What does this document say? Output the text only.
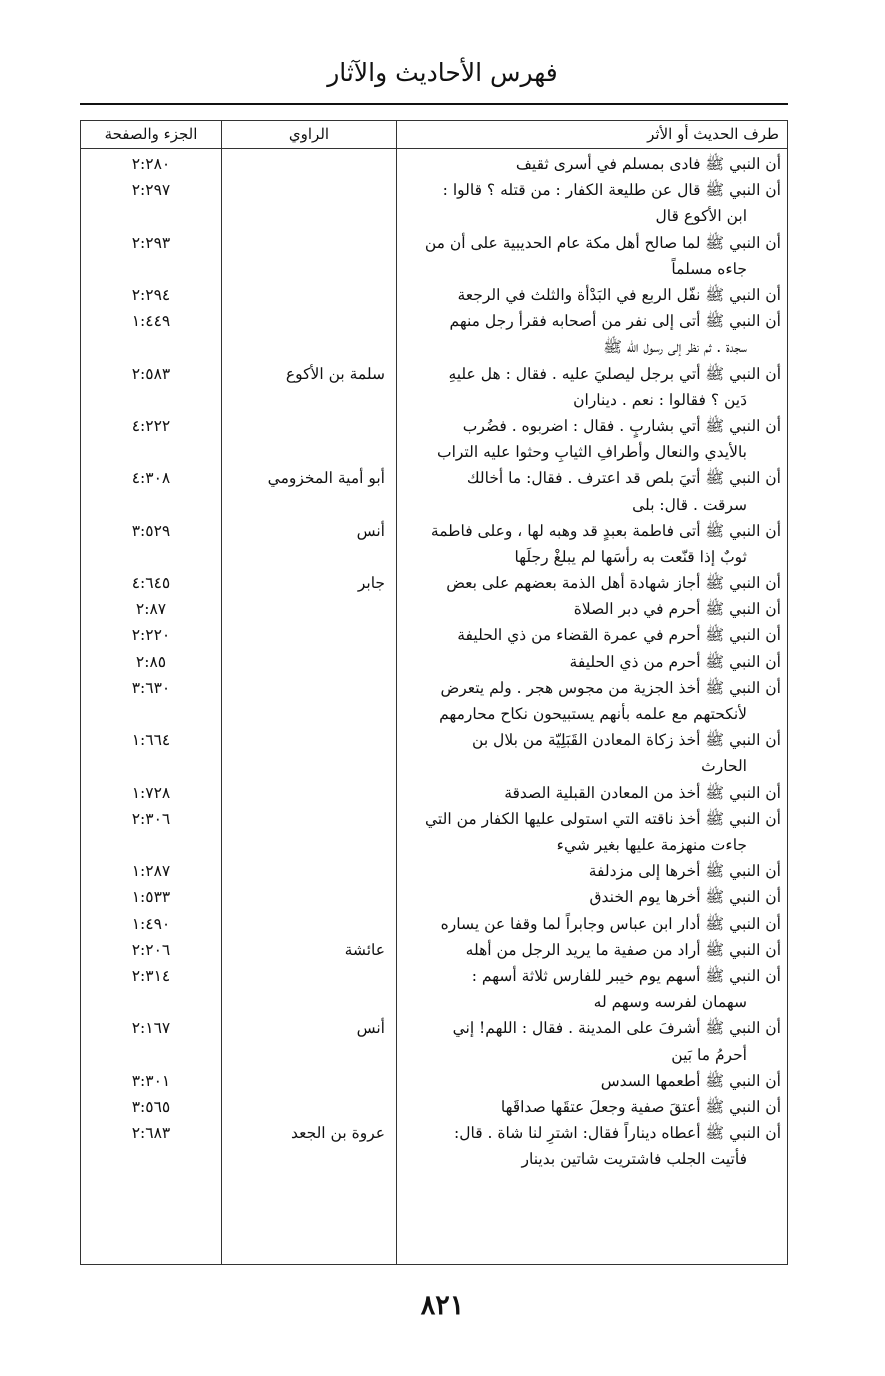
فهرس الأحاديث والآثار
طرف الحديث أو الأثر
الراوي
الجزء والصفحة
أن النبي ﷺ فادى بمسلم في أسرى ثقيف
٢:٢٨٠
أن النبي ﷺ قال عن طليعة الكفار : من قتله ؟ قالوا :
ابن الأكوع قال
٢:٢٩٧
أن النبي ﷺ لما صالح أهل مكة عام الحديبية على أن من
جاءه مسلماً
٢:٢٩٣
أن النبي ﷺ نفّل الربع في البَدْأة والثلث في الرجعة
٢:٢٩٤
أن النبي ﷺ أتى إلى نفر من أصحابه فقرأ رجل منهم
سجدة . ثم نظر إلى رسول الله ﷺ
١:٤٤٩
أن النبي ﷺ أتي برجل ليصليَ عليه . فقال : هل عليهِ
دَين ؟ فقالوا : نعم . ديناران
سلمة بن الأكوع
٢:٥٨٣
أن النبي ﷺ أتي بشاربٍ . فقال : اضربوه . فضُرب
بالأيدي والنعال وأطرافِ الثيابِ وحثوا عليه التراب
٤:٢٢٢
أن النبي ﷺ أتيَ بلص قد اعترف . فقال: ما أخالك
سرقت . قال: بلى
أبو أمية المخزومي
٤:٣٠٨
أن النبي ﷺ أتى فاطمة بعبدٍ قد وهبه لها ، وعلى فاطمة
ثوبٌ إذا قنّعت به رأسَها لم يبلغْ رجلَها
أنس
٣:٥٢٩
أن النبي ﷺ أجاز شهادة أهل الذمة بعضهم على بعض
جابر
٤:٦٤٥
أن النبي ﷺ أحرم في دبر الصلاة
٢:٨٧
أن النبي ﷺ أحرم في عمرة القضاء من ذي الحليفة
٢:٢٢٠
أن النبي ﷺ أحرم من ذي الحليفة
٢:٨٥
أن النبي ﷺ أخذ الجزية من مجوس هجر . ولم يتعرض
لأنكحتهم مع علمه بأنهم يستبيحون نكاح محارمهم
٣:٦٣٠
أن النبي ﷺ أخذ زكاة المعادن القَبَلِيّة من بلال بن
الحارث
١:٦٦٤
أن النبي ﷺ أخذ من المعادن القبلية الصدقة
١:٧٢٨
أن النبي ﷺ أخذ ناقته التي استولى عليها الكفار من التي
جاءت منهزمة عليها بغير شيء
٢:٣٠٦
أن النبي ﷺ أخرها إلى مزدلفة
١:٢٨٧
أن النبي ﷺ أخرها يوم الخندق
١:٥٣٣
أن النبي ﷺ أدار ابن عباس وجابراً لما وقفا عن يساره
١:٤٩٠
أن النبي ﷺ أراد من صفية ما يريد الرجل من أهله
عائشة
٢:٢٠٦
أن النبي ﷺ أسهم يوم خيبر للفارس ثلاثة أسهم :
سهمان لفرسه وسهم له
٢:٣١٤
أن النبي ﷺ أشرفَ على المدينة . فقال : اللهم! إني
أحرمُ ما بَين
أنس
٢:١٦٧
أن النبي ﷺ أطعمها السدس
٣:٣٠١
أن النبي ﷺ أعتقَ صفية وجعلَ عتقَها صداقَها
٣:٥٦٥
أن النبي ﷺ أعطاه ديناراً فقال: اشترِ لنا شاة . قال:
فأتيت الجلب فاشتريت شاتين بدينار
عروة بن الجعد
٢:٦٨٣
٨٢١
